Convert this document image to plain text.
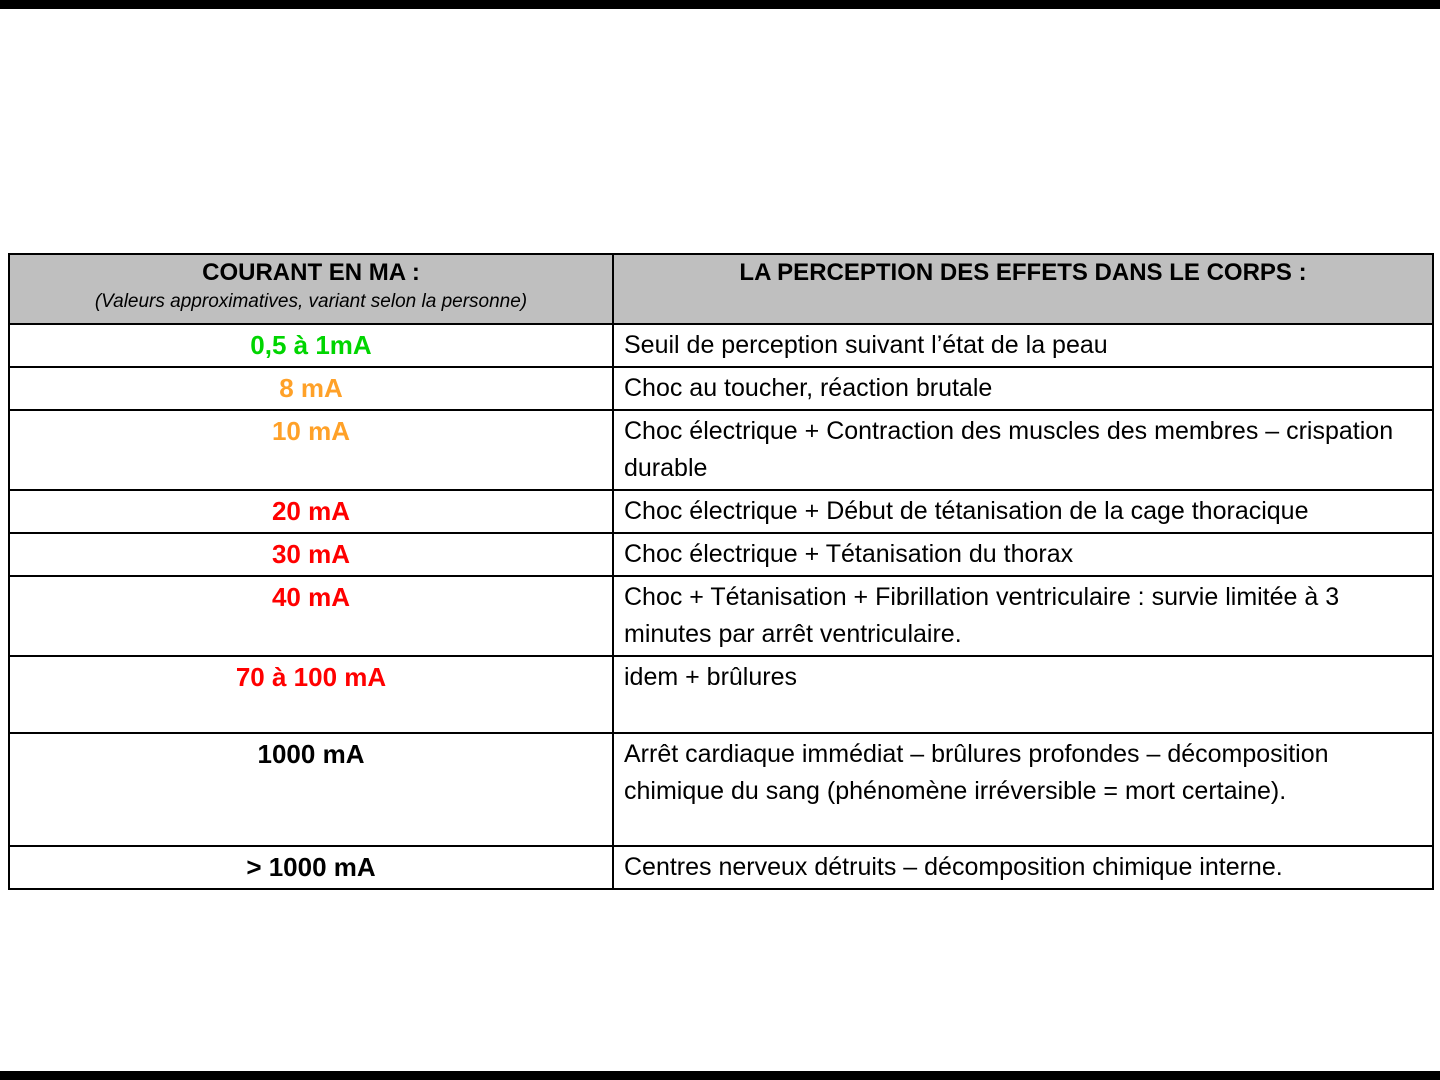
COURANT EN MA :
(Valeurs approximatives, variant selon la personne)	LA PERCEPTION DES EFFETS DANS LE CORPS :

0,5 à 1mA	Seuil de perception suivant l’état de la peau
8 mA	Choc au toucher, réaction brutale
10 mA	Choc électrique + Contraction des muscles des membres – crispation durable
20 mA	Choc électrique + Début de tétanisation de la cage thoracique
30 mA	Choc électrique + Tétanisation du thorax
40 mA	Choc + Tétanisation + Fibrillation ventriculaire : survie limitée à 3 minutes par arrêt ventriculaire.
70 à 100 mA	idem + brûlures
1000 mA	Arrêt cardiaque immédiat – brûlures profondes – décomposition chimique du sang (phénomène irréversible = mort certaine).
> 1000 mA	Centres nerveux détruits – décomposition chimique interne.
